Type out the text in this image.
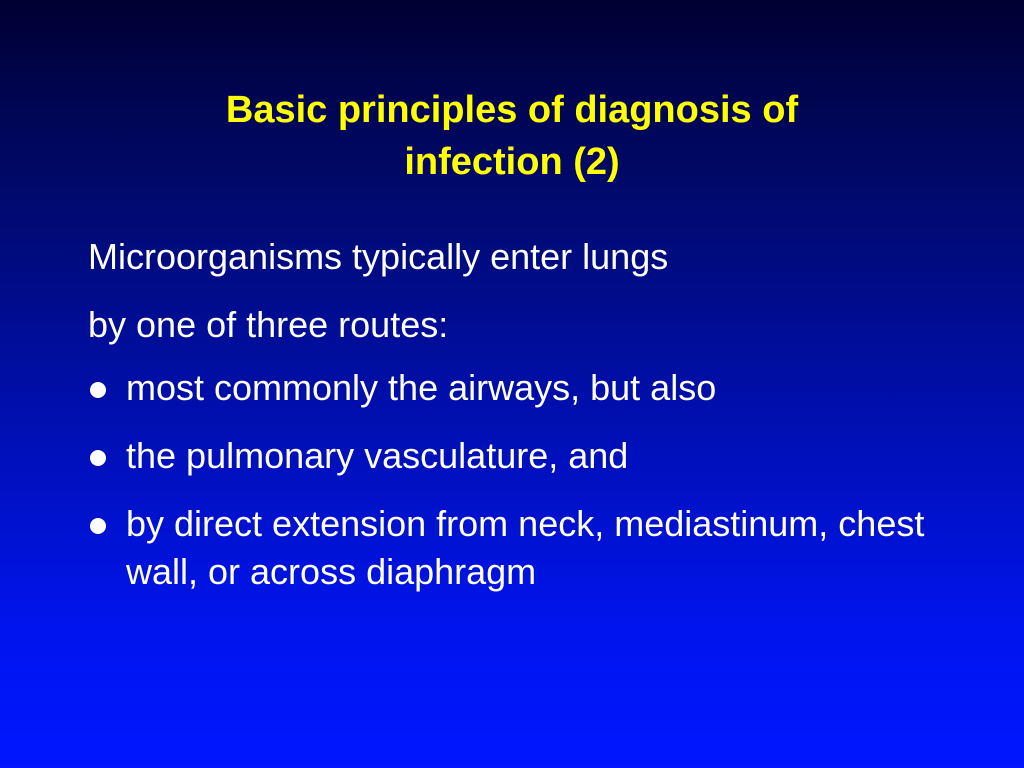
Basic principles of diagnosis of
infection (2)

Microorganisms typically enter lungs

by one of three routes:

most commonly the airways, but also
the pulmonary vasculature, and
by direct extension from neck, mediastinum, chest wall, or across diaphragm
